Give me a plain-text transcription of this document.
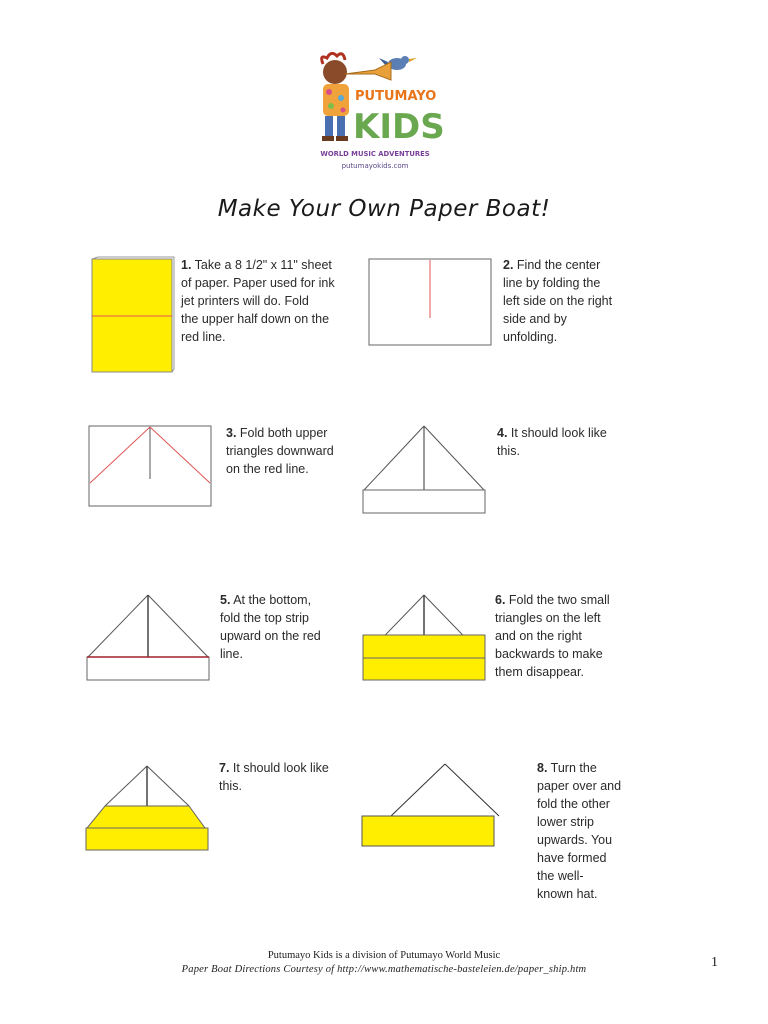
PUTUMAYO
KIDS
WORLD MUSIC ADVENTURES
putumayokids.com
Make Your Own Paper Boat!
1. Take a 8 1/2" x 11" sheet
of paper. Paper used for ink
jet printers will do. Fold
the upper half down on the
red line.
2. Find the center
line by folding the
left side on the right
side and by
unfolding.
3. Fold both upper
triangles downward
on the red line.
4. It should look like
this.
5. At the bottom,
fold the top strip
upward on the red
line.
6. Fold the two small
triangles on the left
and on the right
backwards to make
them disappear.
7. It should look like
this.
8. Turn the
paper over and
fold the other
lower strip
upwards. You
have formed
the well-
known hat.
Putumayo Kids is a division of Putumayo World Music
Paper Boat Directions Courtesy of http://www.mathematische-basteleien.de/paper_ship.htm	1
